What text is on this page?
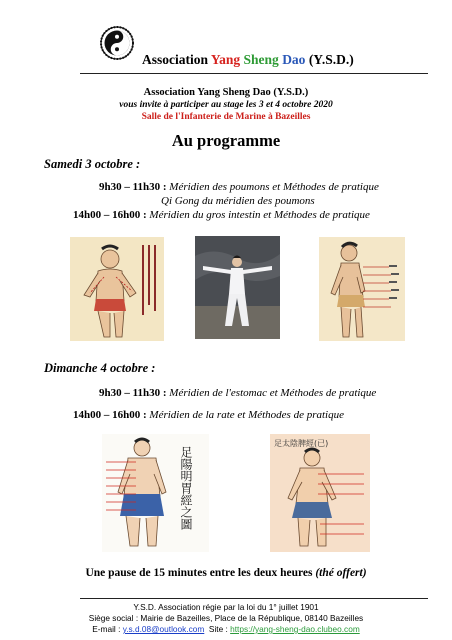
Association Yang Sheng Dao (Y.S.D.)
Association Yang Sheng Dao (Y.S.D.)
vous invite à participer au stage les 3 et 4 octobre 2020
Salle de l'Infanterie de Marine à Bazeilles
Au programme
Samedi 3 octobre :
9h30 – 11h30 : Méridien des poumons et Méthodes de pratique
Qi Gong du méridien des poumons
14h00 – 16h00 : Méridien du gros intestin et Méthodes de pratique
Dimanche 4 octobre :
9h30 – 11h30 : Méridien de l'estomac et Méthodes de pratique
14h00 – 16h00 : Méridien de la rate et Méthodes de pratique
足陽明胃經之圖
足太陰脾經(已)
Une pause de 15 minutes entre les deux heures (thé offert)
Y.S.D. Association régie par la loi du 1° juillet 1901
Siège social : Mairie de Bazeilles, Place de la République, 08140 Bazeilles
E-mail : y.s.d.08@outlook.com  Site : https://yang-sheng-dao.clubeo.com
